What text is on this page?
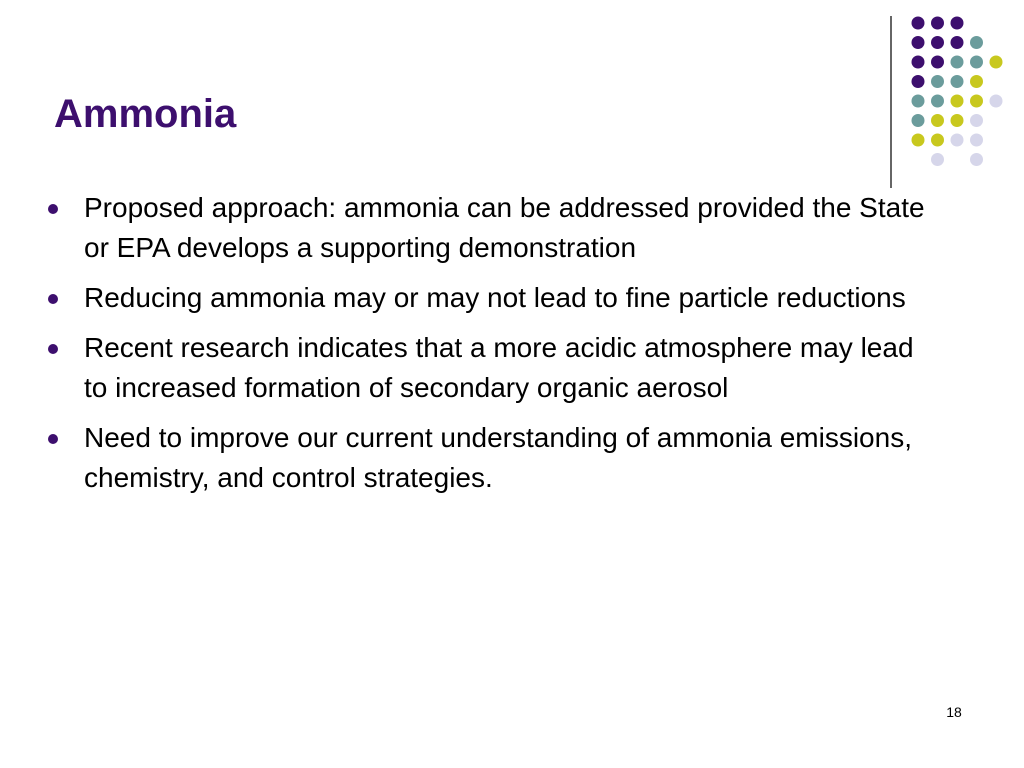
Ammonia
Proposed approach: ammonia can be addressed provided the State or EPA develops a supporting demonstration
Reducing ammonia may or may not lead to fine particle reductions
Recent research indicates that a more acidic atmosphere may lead to increased formation of secondary organic aerosol
Need to improve our current understanding of ammonia emissions, chemistry, and control strategies.
18
